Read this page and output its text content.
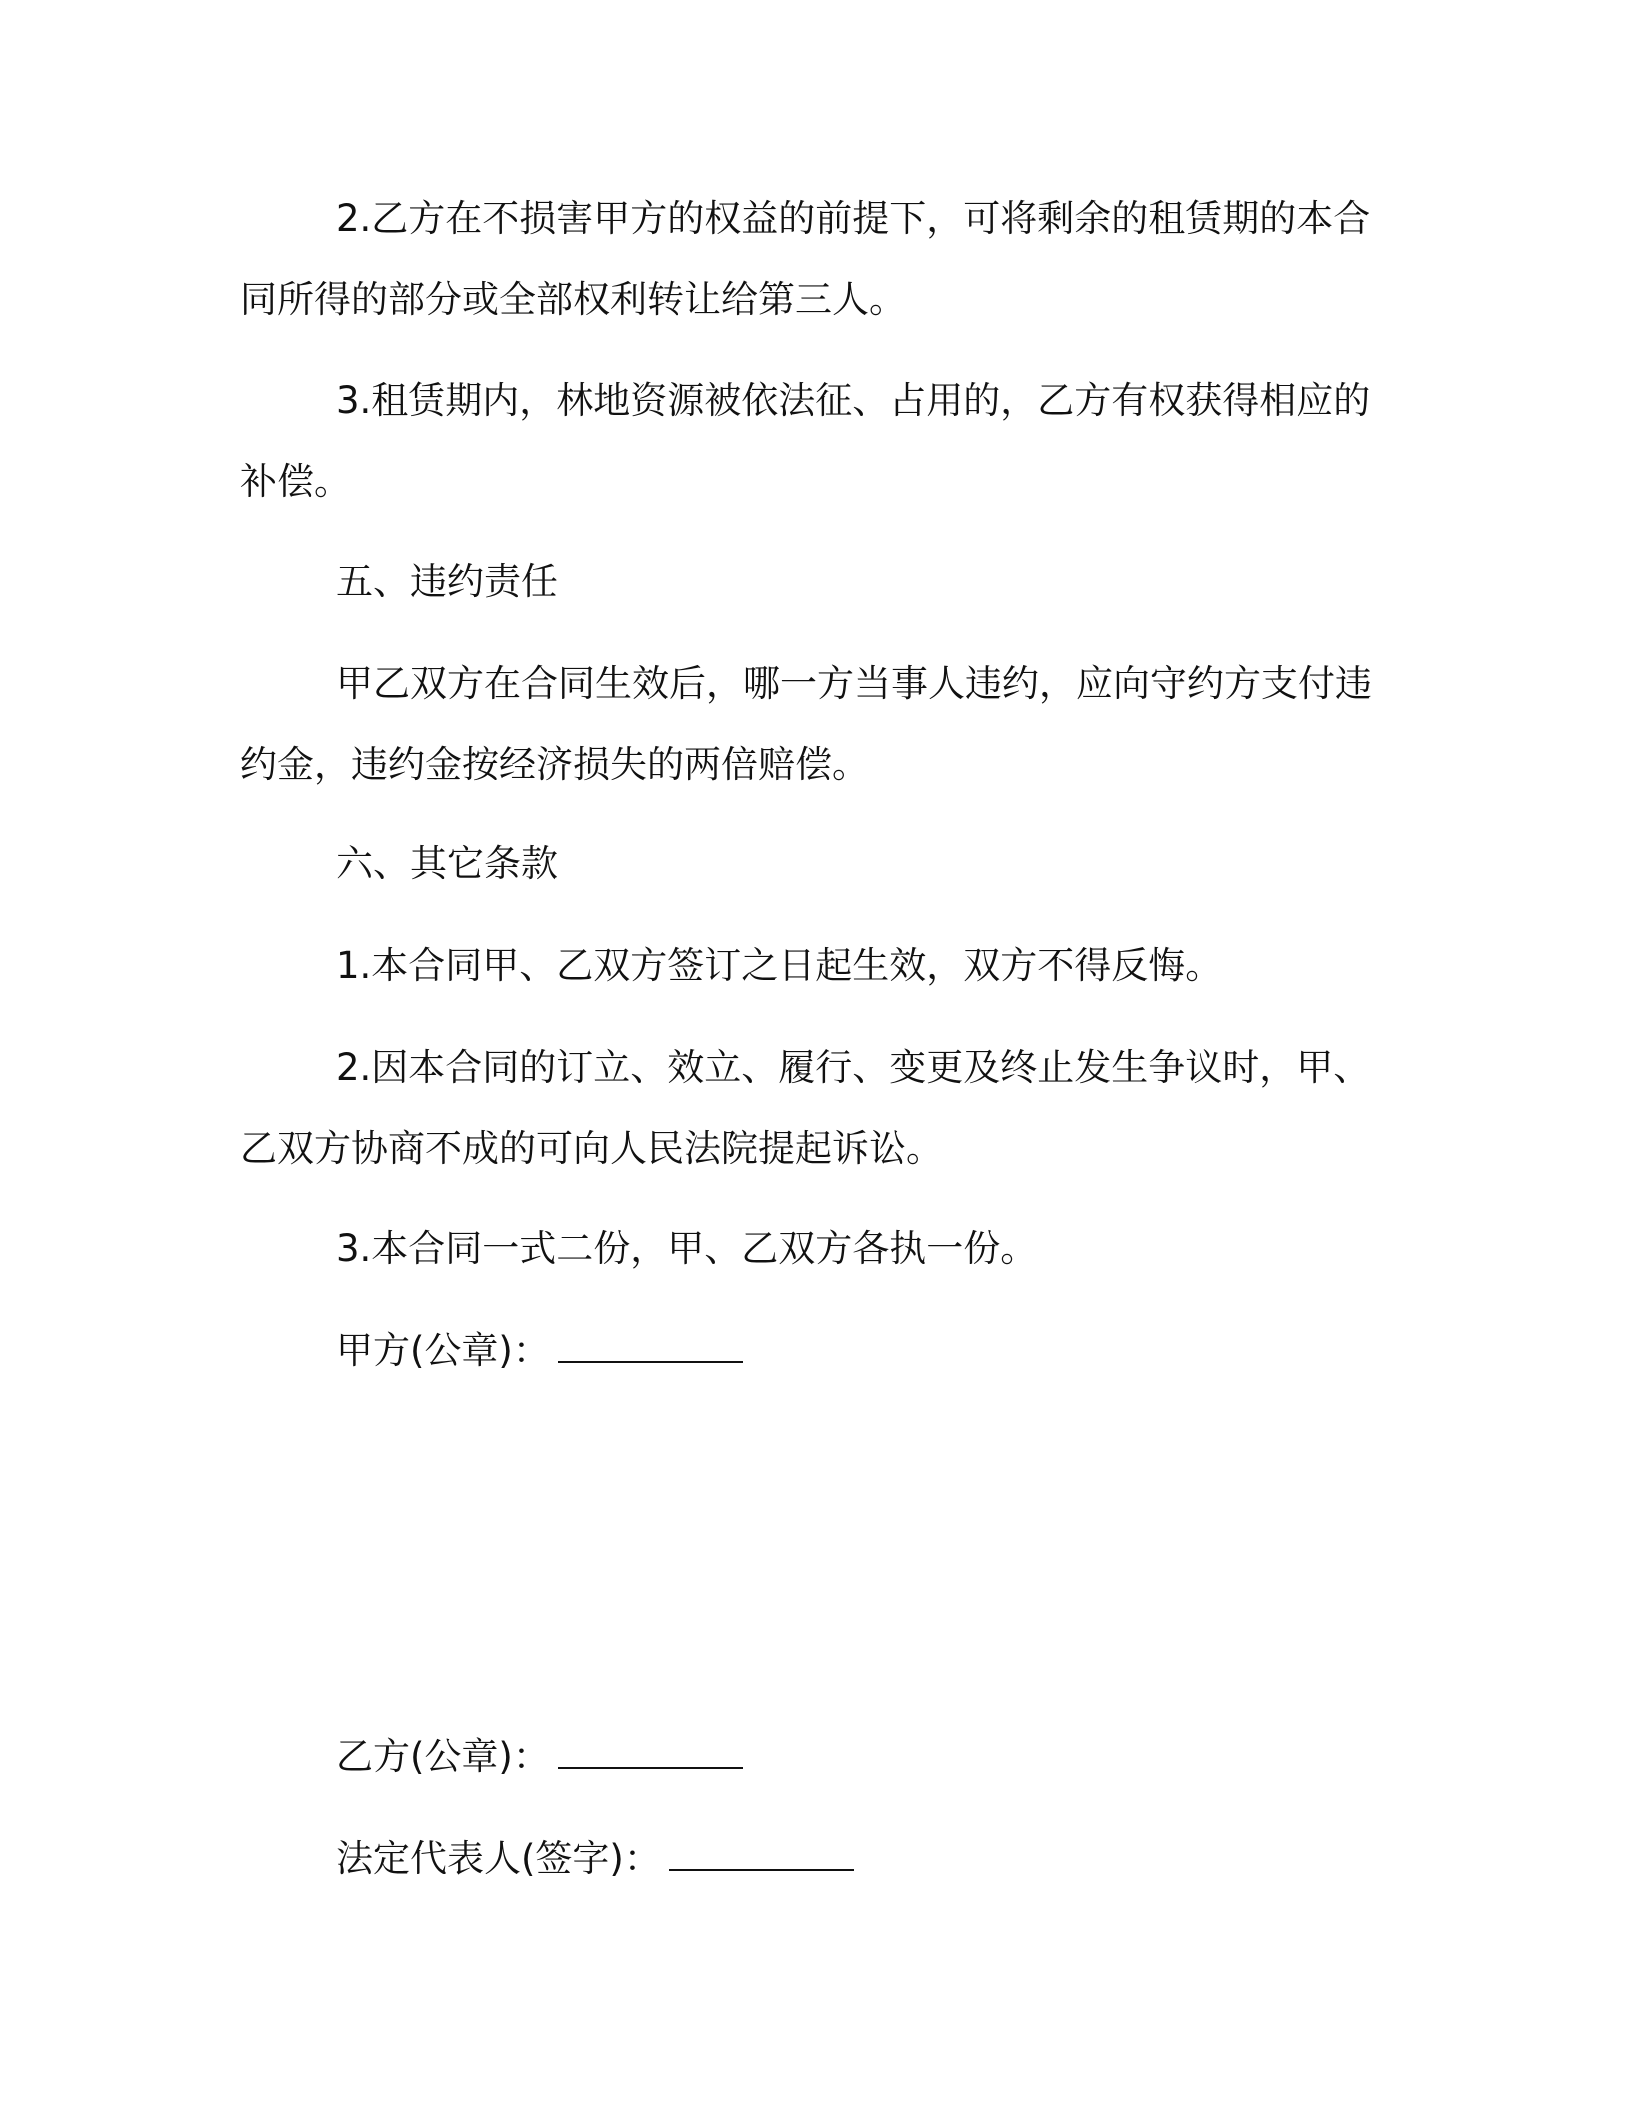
2.乙方在不损害甲方的权益的前提下，可将剩余的租赁期的本合同所得的部分或全部权利转让给第三人。

3.租赁期内，林地资源被依法征、占用的，乙方有权获得相应的补偿。

五、违约责任

甲乙双方在合同生效后，哪一方当事人违约，应向守约方支付违约金，违约金按经济损失的两倍赔偿。

六、其它条款

1.本合同甲、乙双方签订之日起生效，双方不得反悔。

2.因本合同的订立、效立、履行、变更及终止发生争议时，甲、乙双方协商不成的可向人民法院提起诉讼。

3.本合同一式二份，甲、乙双方各执一份。

甲方(公章)：
乙方(公章)：
法定代表人(签字)：
